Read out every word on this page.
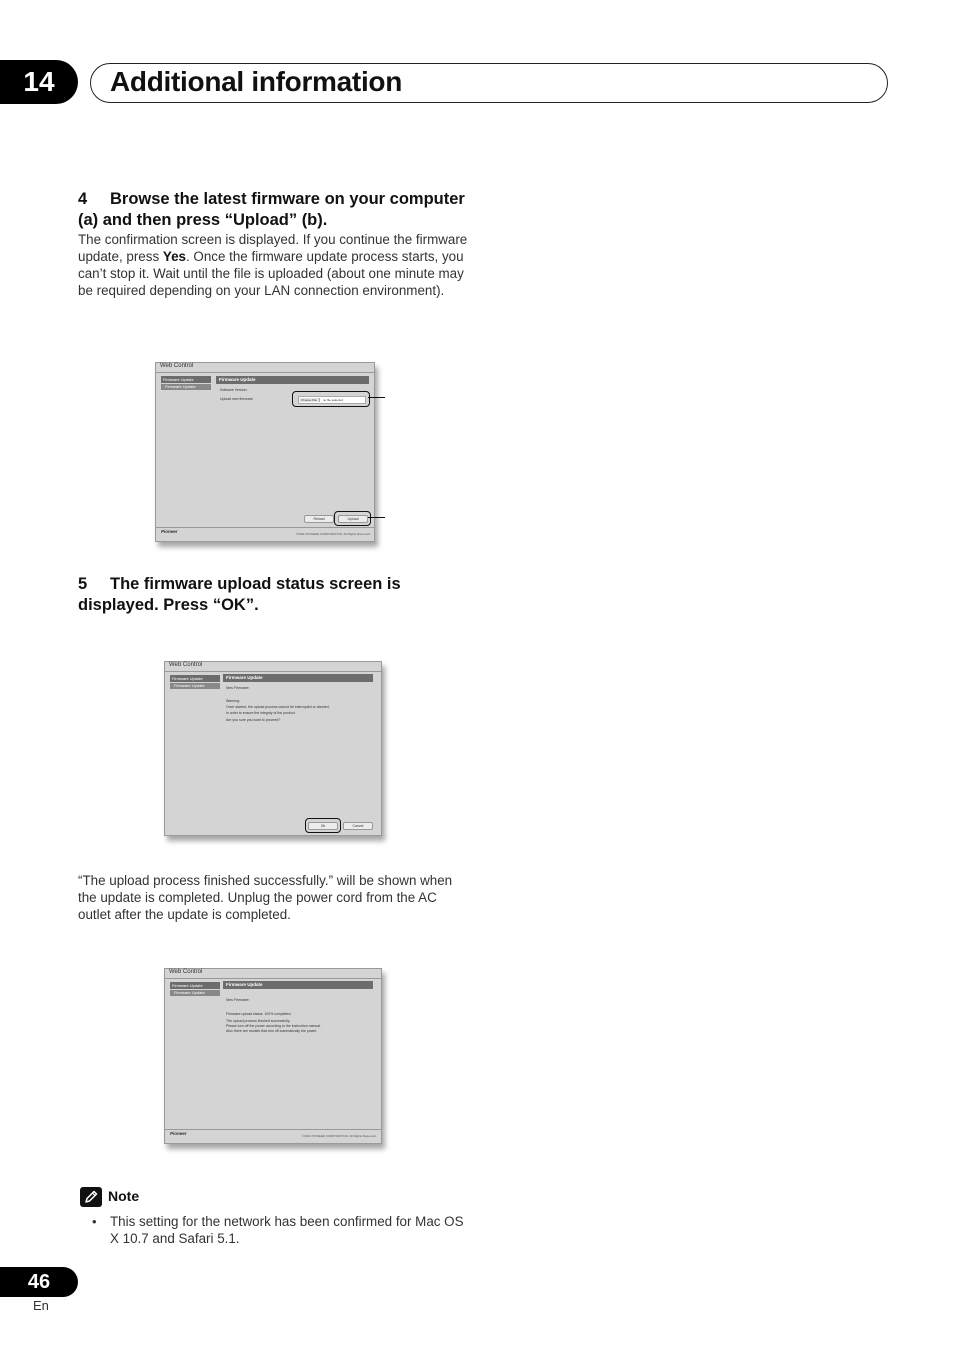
14	Additional information
4 Browse the latest firmware on your computer (a) and then press “Upload” (b).
The confirmation screen is displayed. If you continue the firmware update, press Yes. Once the firmware update process starts, you can’t stop it. Wait until the file is uploaded (about one minute may be required depending on your LAN connection environment).
Web Control
Firmware Update
Firmware Update
Firmware Update
Software Version:
Upload new firmware	Choose File no file selected
Reload	Upload
Pioneer	©2011 PIONEER CORPORATION. All Rights Reserved.
5 The firmware upload status screen is displayed. Press “OK”.
Web Control
Firmware Update
Firmware Update
Firmware Update
New Firmware:
Warning:
Once started, the upload process cannot be interrupted or aborted,
in order to ensure the integrity of the product.
Are you sure you want to proceed?
Ok	Cancel
“The upload process finished successfully.” will be shown when the update is completed. Unplug the power cord from the AC outlet after the update is completed.
Web Control
Firmware Update
Firmware Update
Firmware Update
New Firmware:
Firmware upload status: 100% completed.
The upload process finished successfully.
Please turn off the power according to the instruction manual.
Also there are models that turn off automatically the power.
Pioneer	©2011 PIONEER CORPORATION. All Rights Reserved.
Note
• This setting for the network has been confirmed for Mac OS X 10.7 and Safari 5.1.
46
En
